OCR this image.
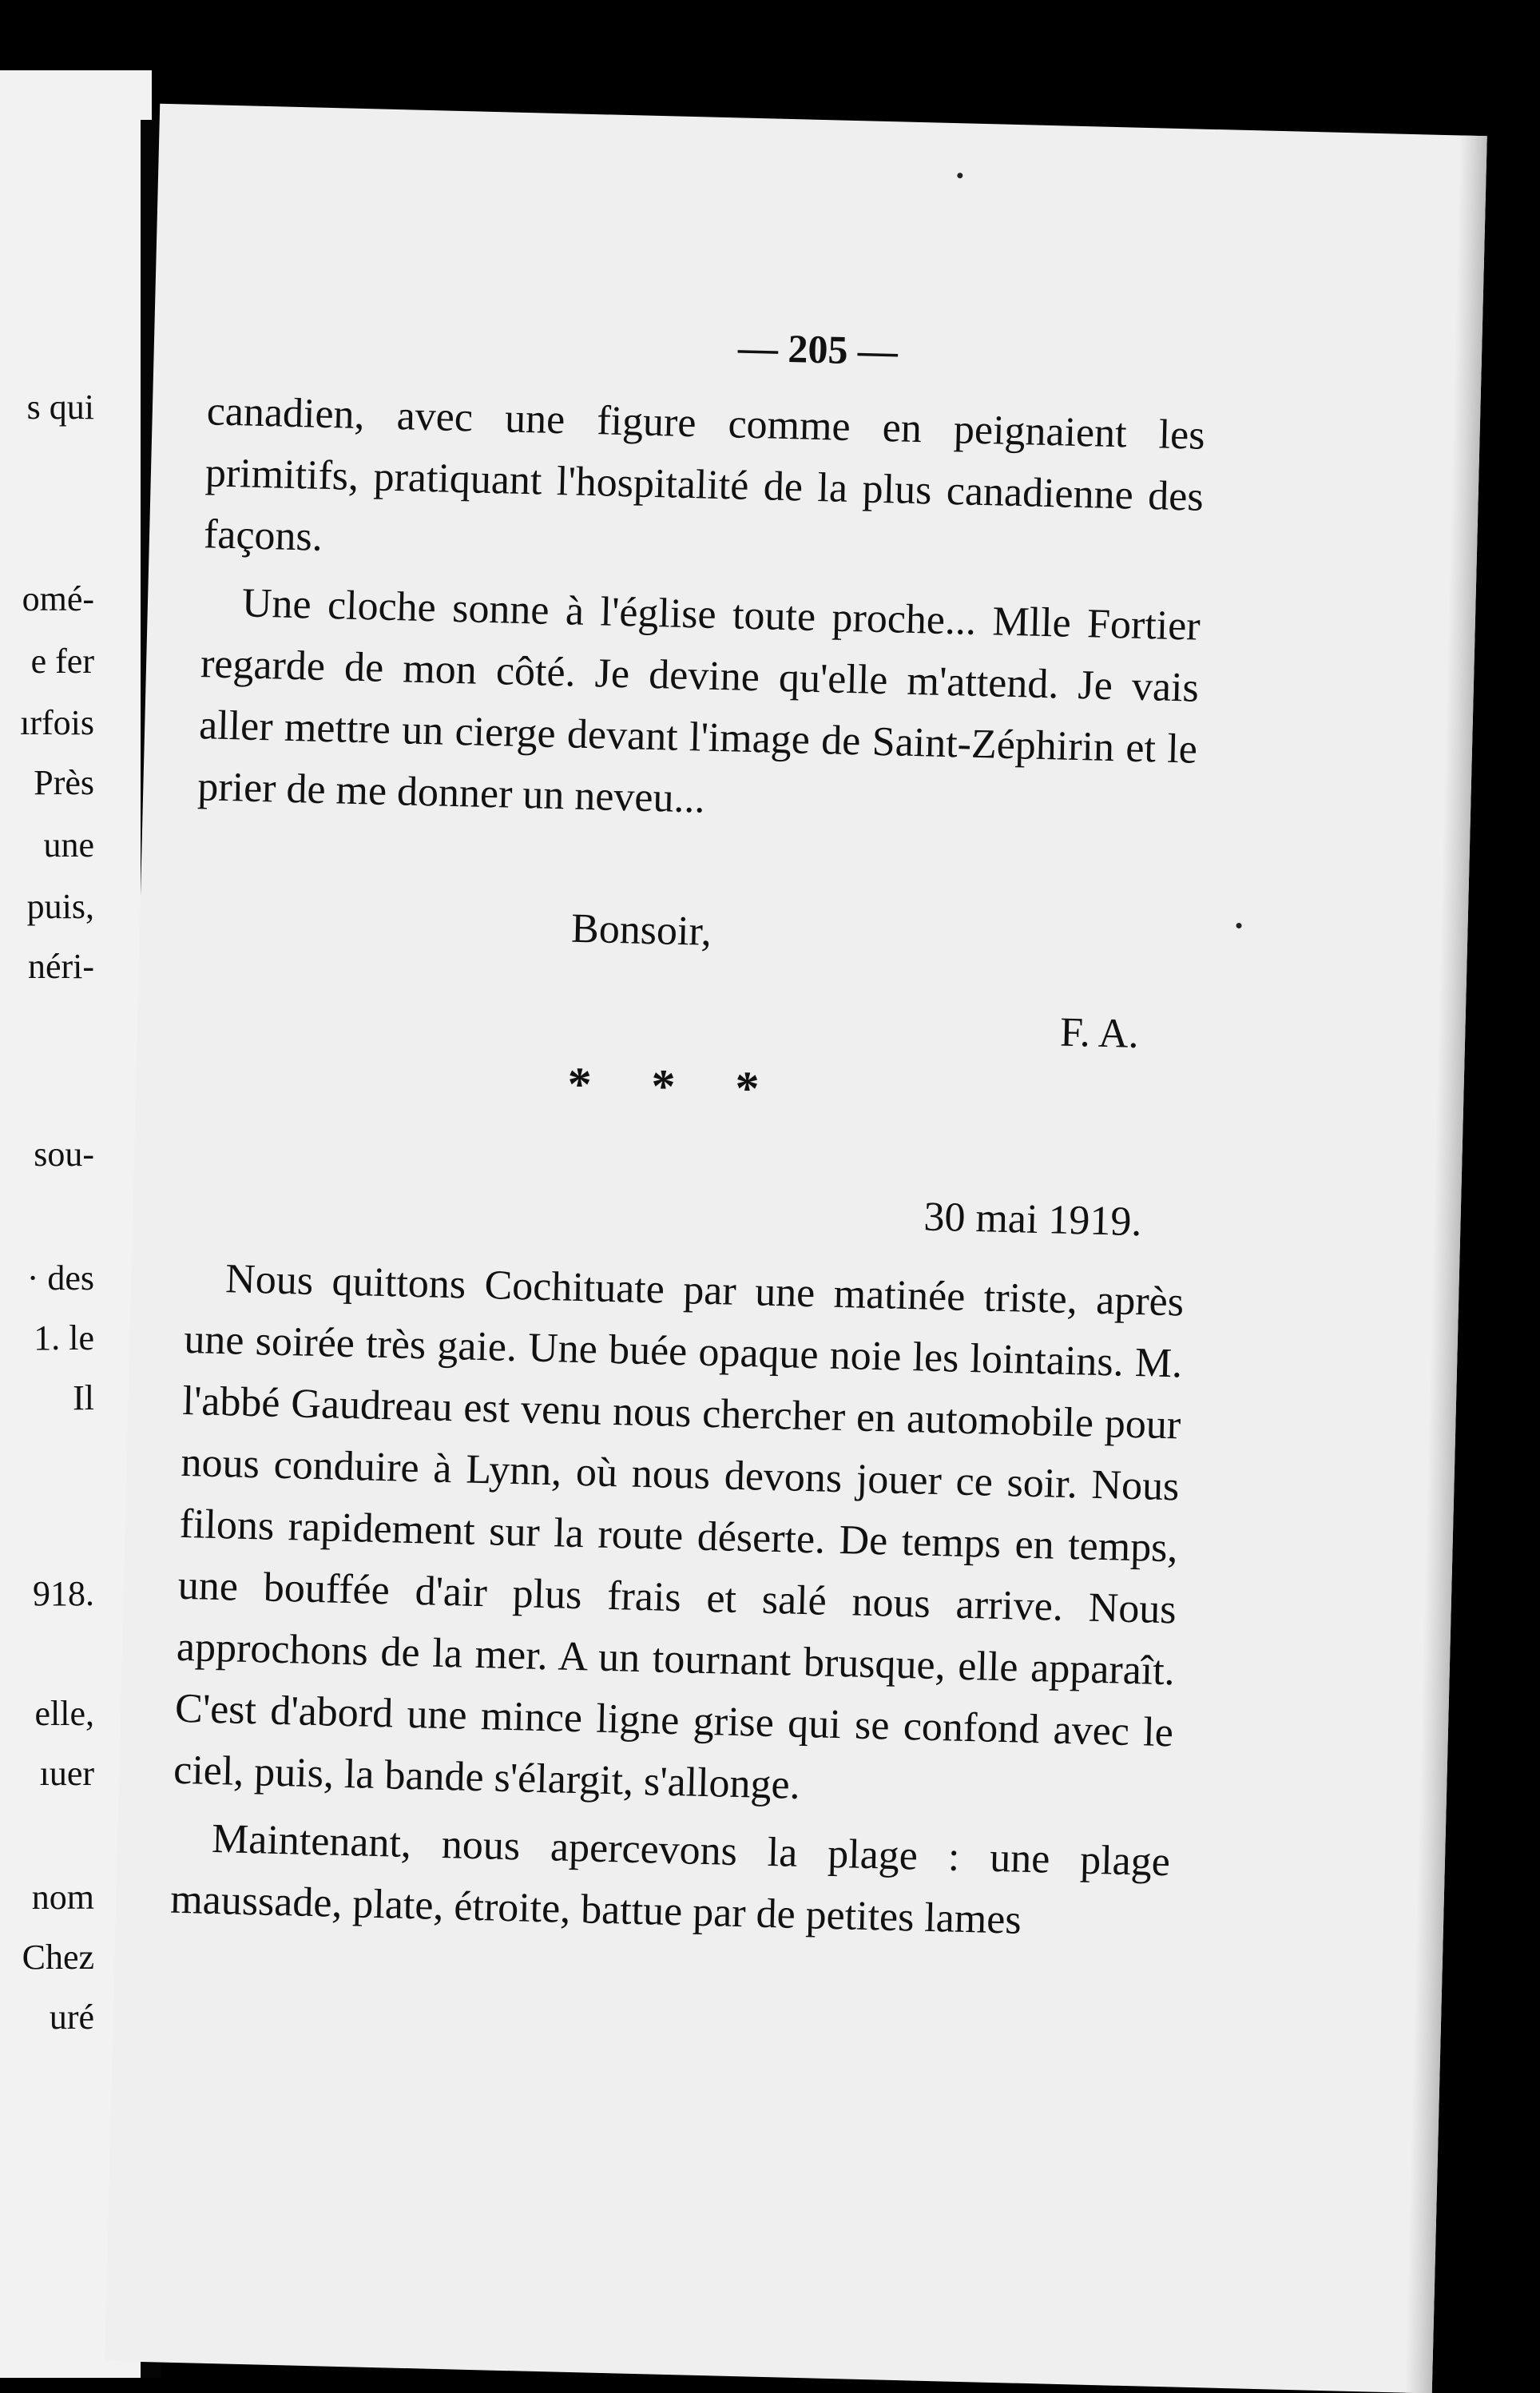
s qui

omé-

e fer

ırfois

Près

une

puis,

néri-

sou-

· des

1. le

Il

918.

elle,

ıuer

nom

Chez

uré

— 205 —

canadien, avec une figure comme en peignaient les primitifs, pratiquant l'hospitalité de la plus canadienne des façons.

Une cloche sonne à l'église toute proche... Mlle Fortier regarde de mon côté. Je devine qu'elle m'attend. Je vais aller mettre un cierge devant l'image de Saint-Zéphirin et le prier de me donner un neveu...

Bonsoir,

F. A.

* * *

30 mai 1919.

Nous quittons Cochituate par une matinée triste, après une soirée très gaie. Une buée opaque noie les lointains. M. l'abbé Gaudreau est venu nous chercher en automobile pour nous conduire à Lynn, où nous devons jouer ce soir. Nous filons rapidement sur la route déserte. De temps en temps, une bouffée d'air plus frais et salé nous arrive. Nous approchons de la mer. A un tournant brusque, elle apparaît. C'est d'abord une mince ligne grise qui se confond avec le ciel, puis, la bande s'élargit, s'allonge.

Maintenant, nous apercevons la plage : une plage maussade, plate, étroite, battue par de petites lames
